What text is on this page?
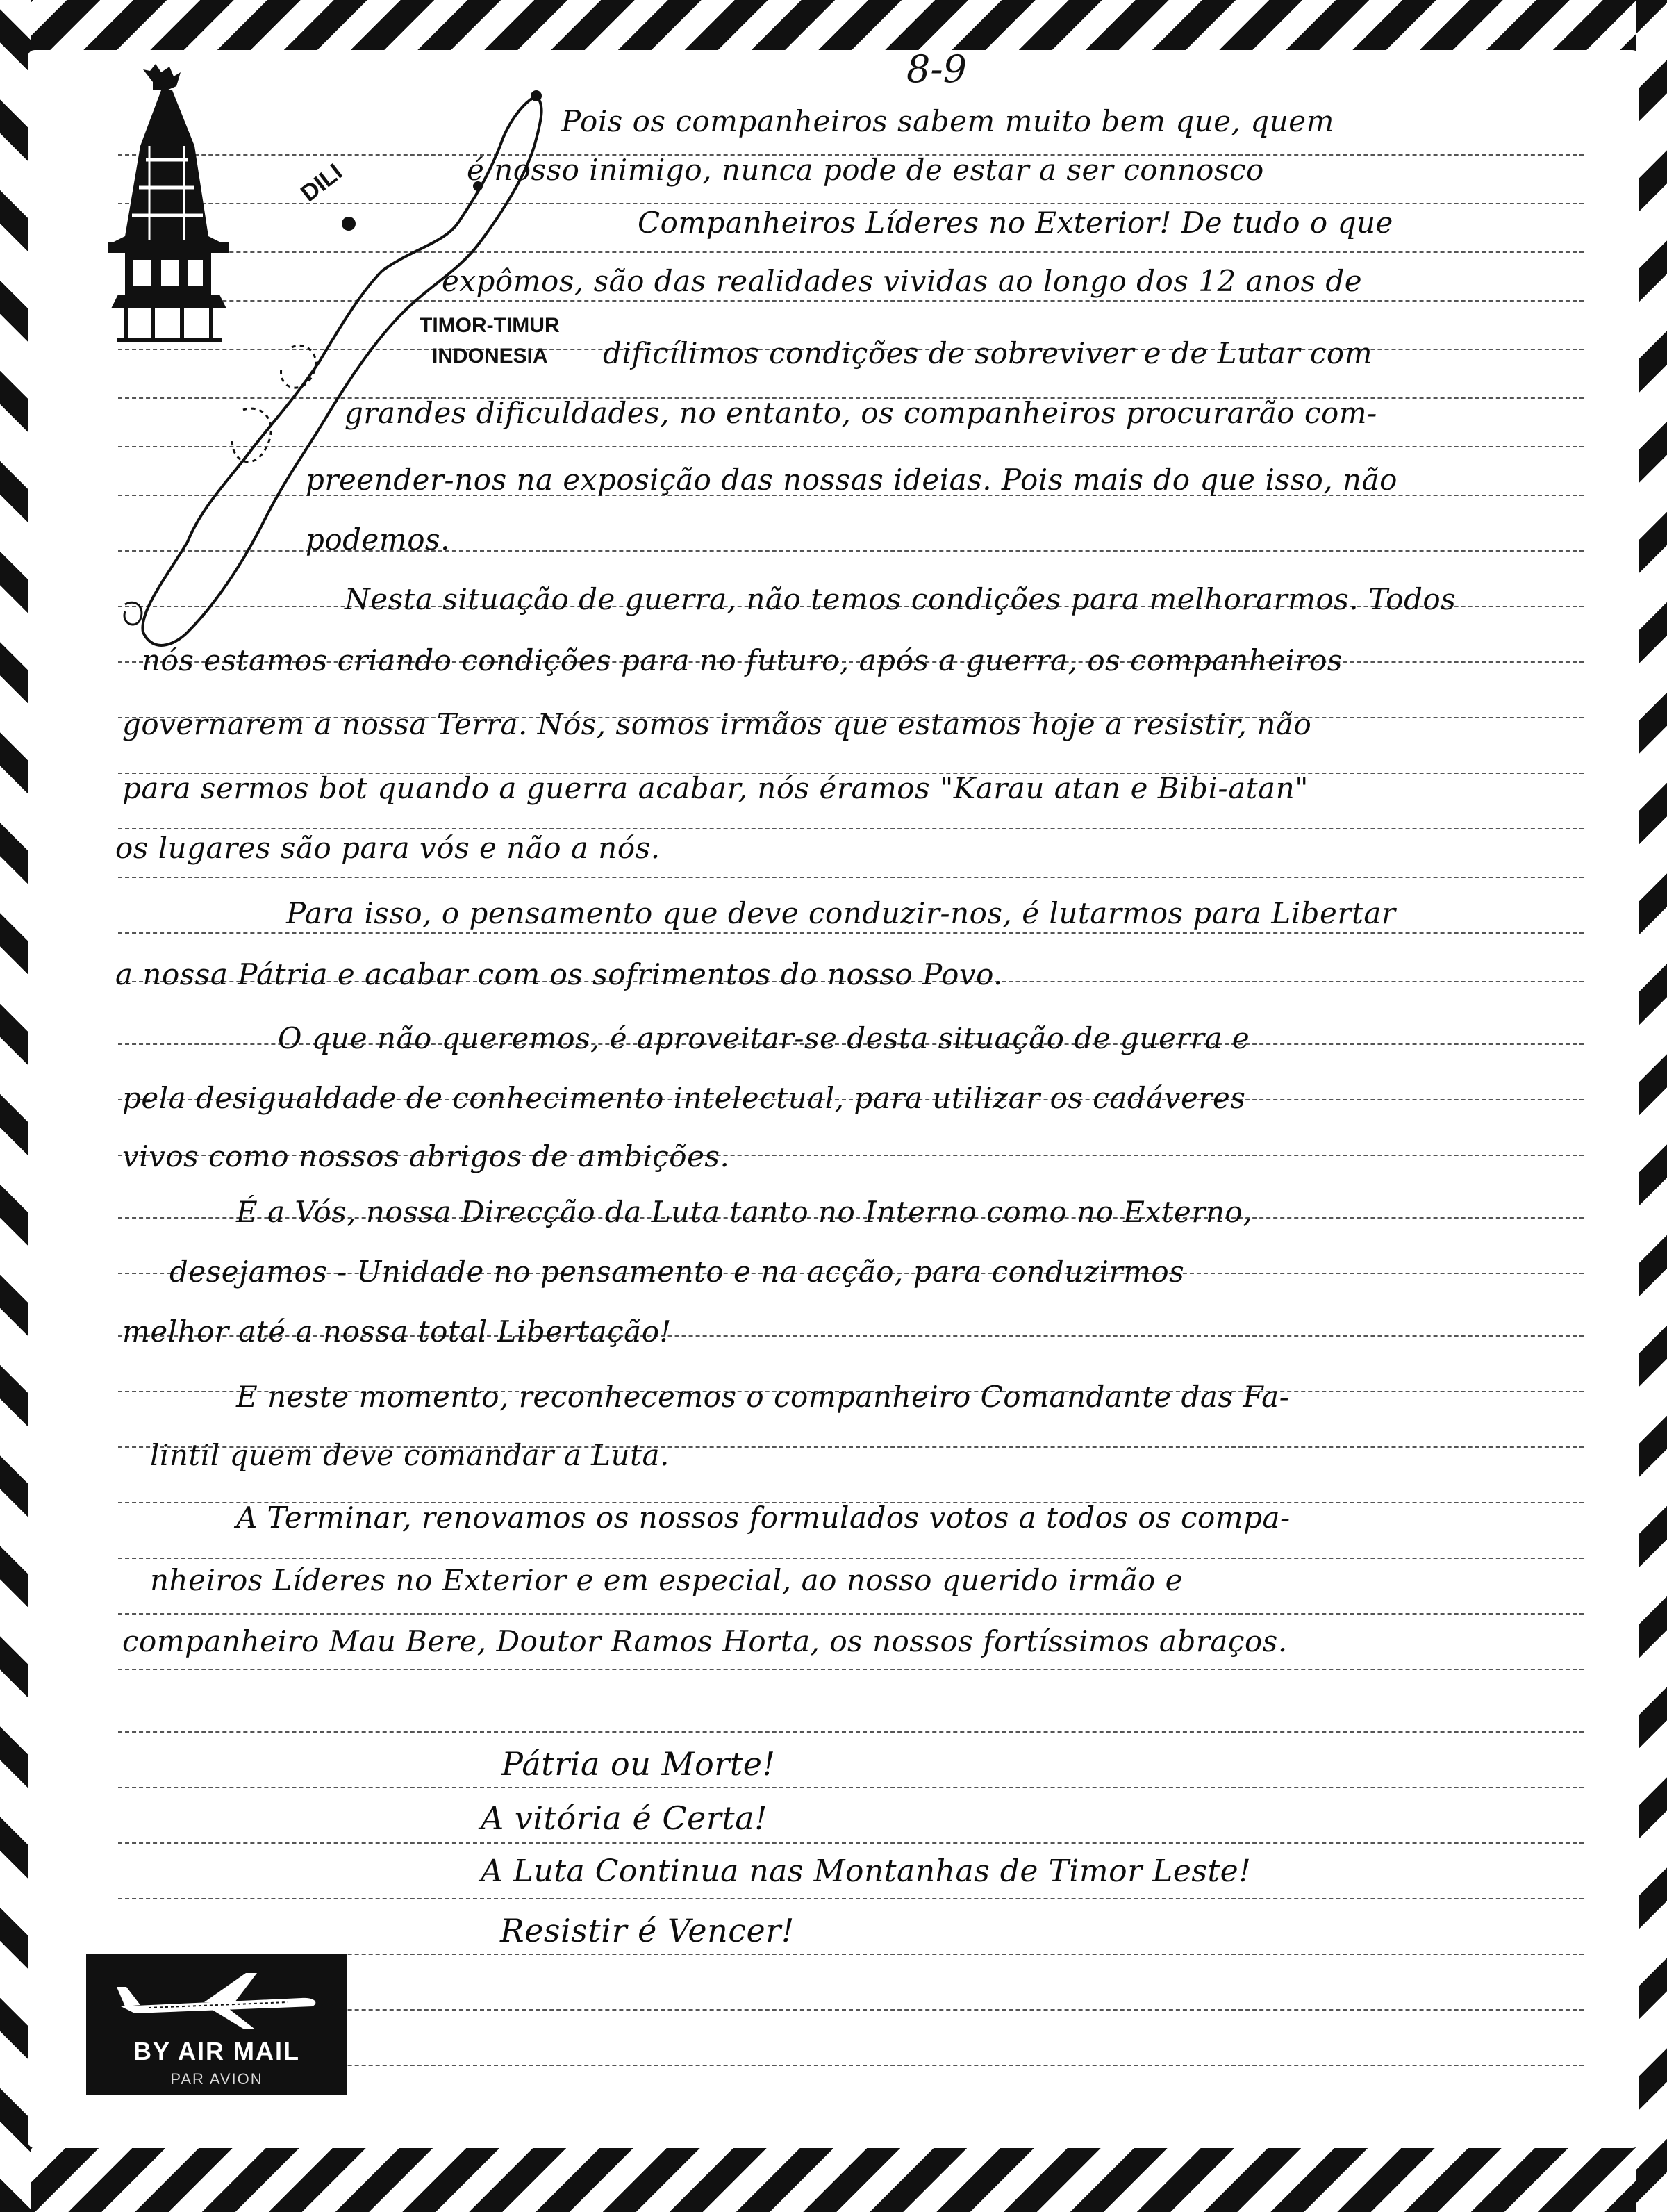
DILI
TIMOR-TIMUR
INDONESIA
8-9
Pois os companheiros sabem muito bem que, quem
é nosso inimigo, nunca pode de estar a ser connosco
Companheiros Líderes no Exterior! De tudo o que
expômos, são das realidades vividas ao longo dos 12 anos de
dificílimos condições de sobreviver e de Lutar com
grandes dificuldades, no entanto, os companheiros procurarão com-
preender-nos na exposição das nossas ideias. Pois mais do que isso, não
podemos.
Nesta situação de guerra, não temos condições para melhorarmos. Todos
nós estamos criando condições para no futuro, após a guerra, os companheiros
governarem a nossa Terra. Nós, somos irmãos que estamos hoje a resistir, não
para sermos bot quando a guerra acabar, nós éramos "Karau atan e Bibi-atan"
os lugares são para vós e não a nós.
Para isso, o pensamento que deve conduzir-nos, é lutarmos para Libertar
a nossa Pátria e acabar com os sofrimentos do nosso Povo.
O que não queremos, é aproveitar-se desta situação de guerra e
pela desigualdade de conhecimento intelectual, para utilizar os cadáveres
vivos como nossos abrigos de ambições.
É a Vós, nossa Direcção da Luta tanto no Interno como no Externo,
desejamos - Unidade no pensamento e na acção, para conduzirmos
melhor até a nossa total Libertação!
E neste momento, reconhecemos o companheiro Comandante das Fa-
lintil quem deve comandar a Luta.
A Terminar, renovamos os nossos formulados votos a todos os compa-
nheiros Líderes no Exterior e em especial, ao nosso querido irmão e
companheiro Mau Bere, Doutor Ramos Horta, os nossos fortíssimos abraços.
Pátria ou Morte!
A vitória é Certa!
A Luta Continua nas Montanhas de Timor Leste!
Resistir é Vencer!
BY AIR MAIL
PAR AVION
